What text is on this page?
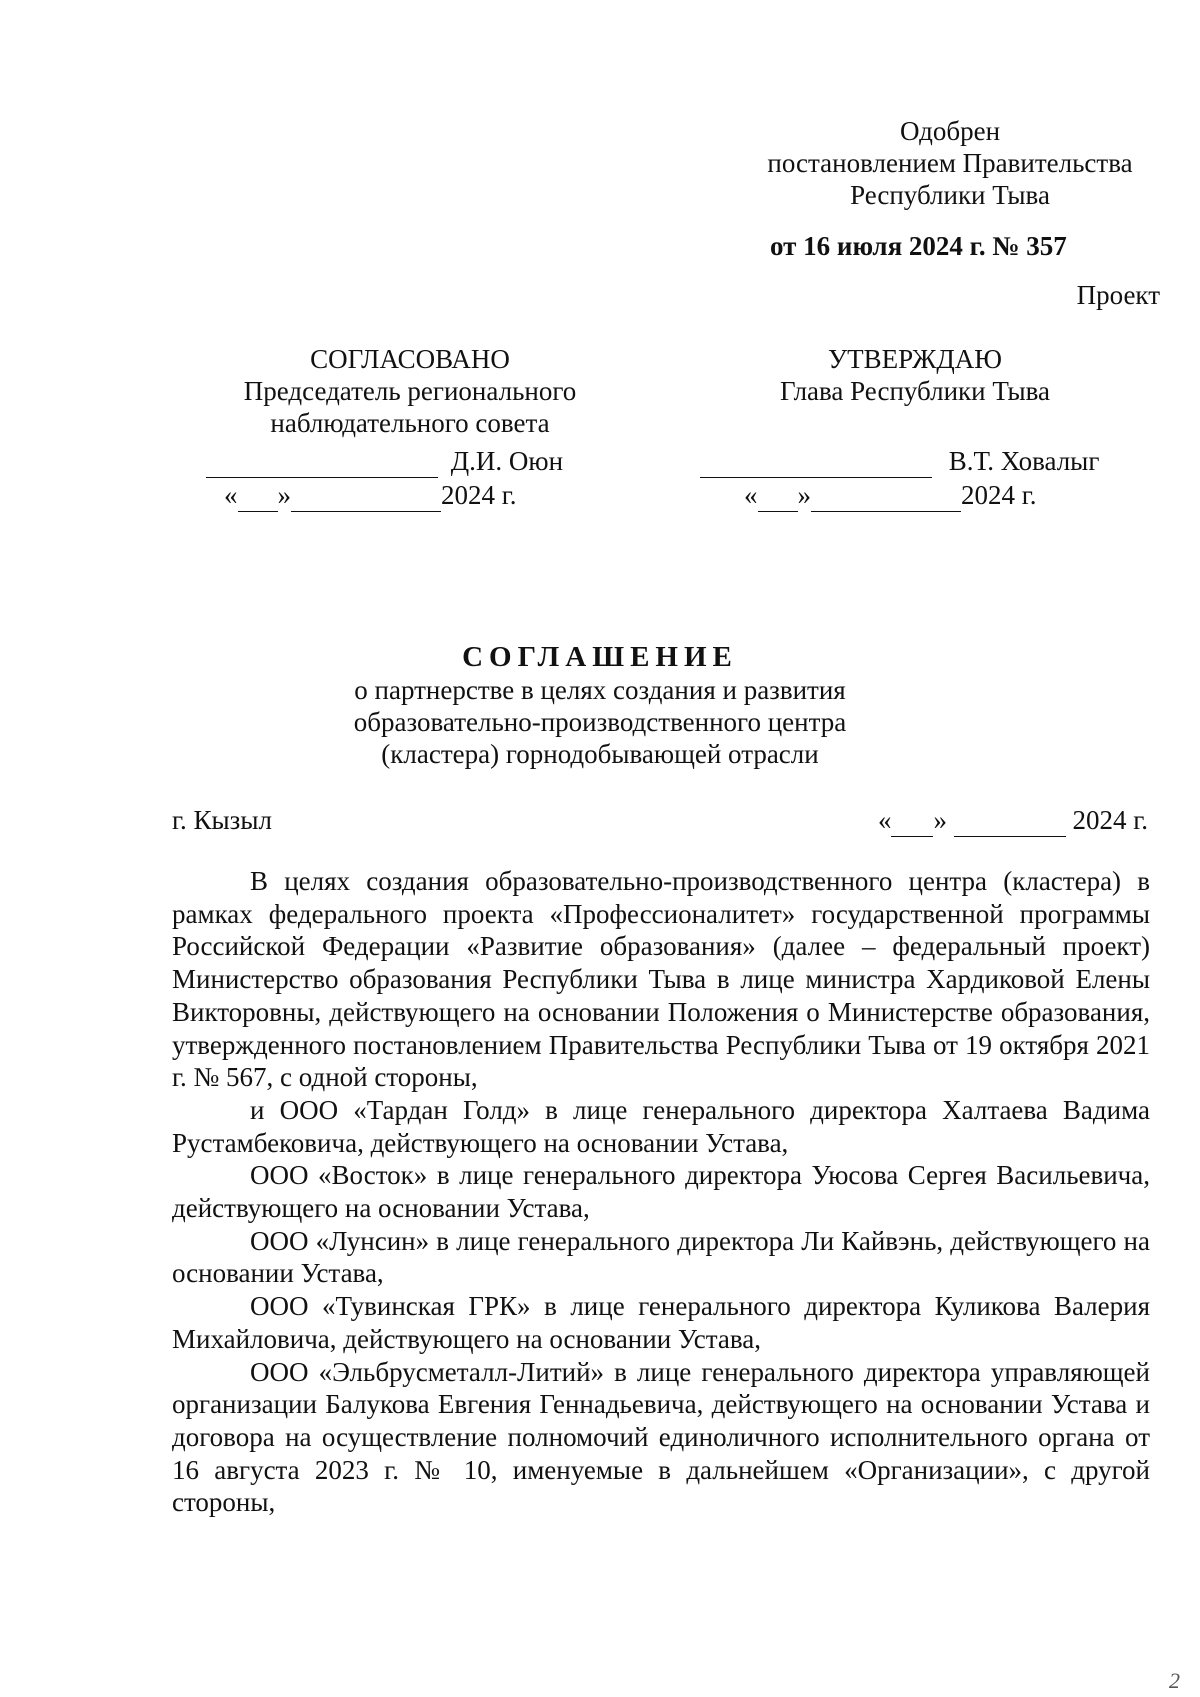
Одобрен
постановлением Правительства
Республики Тыва
от 16 июля 2024 г. № 357
Проект
СОГЛАСОВАНО
Председатель регионального
наблюдательного совета
Д.И. Оюн
« »	2024 г.
УТВЕРЖДАЮ
Глава Республики Тыва
В.Т. Ховалыг
« »	2024 г.
СОГЛАШЕНИЕ
о партнерстве в целях создания и развития
образовательно-производственного центра
(кластера) горнодобывающей отрасли
г. Кызыл	« »	2024 г.

В целях создания образовательно-производственного центра (кластера) в рамках федерального проекта «Профессионалитет» государственной программы Российской Федерации «Развитие образования» (далее – федеральный проект) Министерство образования Республики Тыва в лице министра Хардиковой Елены Викторовны, действующего на основании Положения о Министерстве образования, утвержденного постановлением Правительства Республики Тыва от 19 октября 2021 г. № 567, с одной стороны,

и ООО «Тардан Голд» в лице генерального директора Халтаева Вадима Рустамбековича, действующего на основании Устава,

ООО «Восток» в лице генерального директора Уюсова Сергея Васильевича, действующего на основании Устава,

ООО «Лунсин» в лице генерального директора Ли Кайвэнь, действующего на основании Устава,

ООО «Тувинская ГРК» в лице генерального директора Куликова Валерия Михайловича, действующего на основании Устава,

ООО «Эльбрусметалл-Литий» в лице генерального директора управляющей организации Балукова Евгения Геннадьевича, действующего на основании Устава и договора на осуществление полномочий единоличного исполнительного органа от 16 августа 2023 г. № 10, именуемые в дальнейшем «Организации», с другой стороны,

2
